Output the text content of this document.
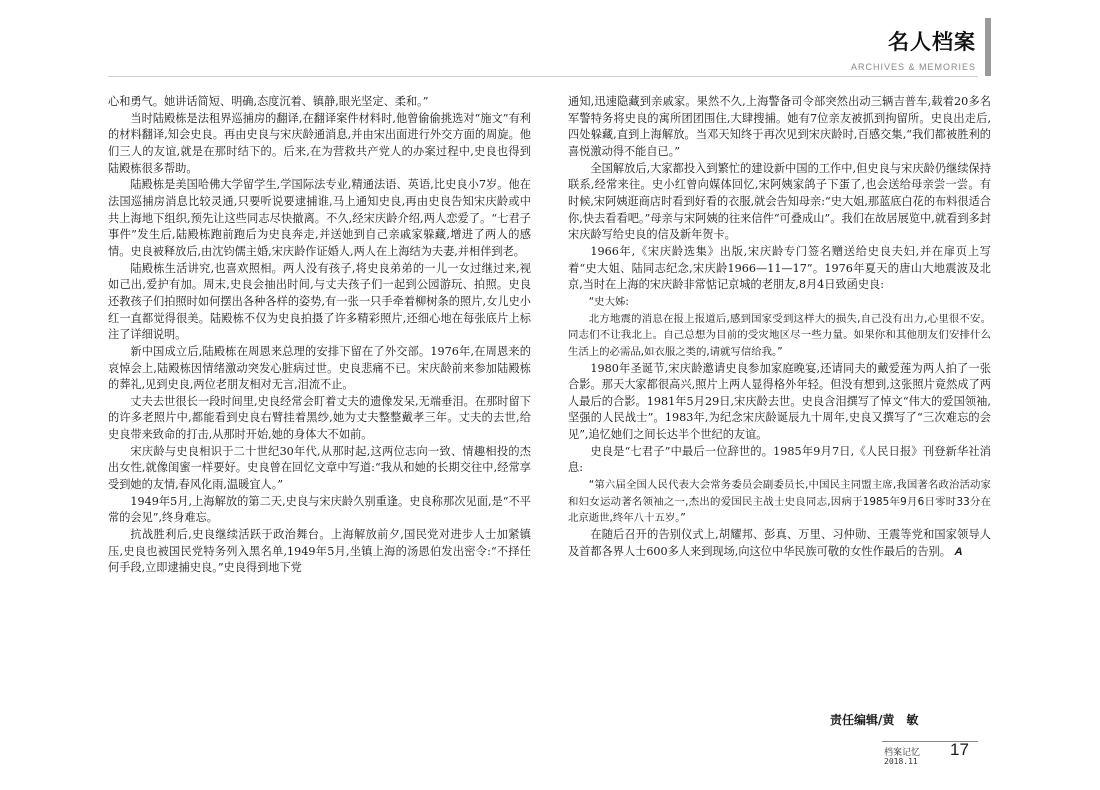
名人档案
ARCHIVES & MEMORIES

心和勇气。她讲话简短、明确,态度沉着、镇静,眼光坚定、柔和。”

当时陆殿栋是法租界巡捕房的翻译,在翻译案件材料时,他曾偷偷挑选对“施文”有利的材料翻译,知会史良。再由史良与宋庆龄通消息,并由宋出面进行外交方面的周旋。他们三人的友谊,就是在那时结下的。后来,在为营救共产党人的办案过程中,史良也得到陆殿栋很多帮助。

陆殿栋是美国哈佛大学留学生,学国际法专业,精通法语、英语,比史良小7岁。他在法国巡捕房消息比较灵通,只要听说要逮捕谁,马上通知史良,再由史良告知宋庆龄或中共上海地下组织,预先让这些同志尽快撤离。不久,经宋庆龄介绍,两人恋爱了。“七君子事件”发生后,陆殿栋跑前跑后为史良奔走,并送她到自己亲戚家躲藏,增进了两人的感情。史良被释放后,由沈钧儒主婚,宋庆龄作证婚人,两人在上海结为夫妻,并相伴到老。

陆殿栋生活讲究,也喜欢照相。两人没有孩子,将史良弟弟的一儿一女过继过来,视如己出,爱护有加。周末,史良会抽出时间,与丈夫孩子们一起到公园游玩、拍照。史良还教孩子们拍照时如何摆出各种各样的姿势,有一张一只手牵着柳树条的照片,女儿史小红一直都觉得很美。陆殿栋不仅为史良拍摄了许多精彩照片,还细心地在每张底片上标注了详细说明。

新中国成立后,陆殿栋在周恩来总理的安排下留在了外交部。1976年,在周恩来的哀悼会上,陆殿栋因情绪激动突发心脏病过世。史良悲痛不已。宋庆龄前来参加陆殿栋的葬礼,见到史良,两位老朋友相对无言,泪流不止。

丈夫去世很长一段时间里,史良经常会盯着丈夫的遗像发呆,无端垂泪。在那时留下的许多老照片中,都能看到史良右臂挂着黑纱,她为丈夫整整戴孝三年。丈夫的去世,给史良带来致命的打击,从那时开始,她的身体大不如前。

宋庆龄与史良相识于二十世纪30年代,从那时起,这两位志向一致、情趣相投的杰出女性,就像闺蜜一样要好。史良曾在回忆文章中写道:“我从和她的长期交往中,经常享受到她的友情,春风化雨,温暖宜人。”

1949年5月,上海解放的第二天,史良与宋庆龄久别重逢。史良称那次见面,是“不平常的会见”,终身难忘。

抗战胜利后,史良继续活跃于政治舞台。上海解放前夕,国民党对进步人士加紧镇压,史良也被国民党特务列入黑名单,1949年5月,坐镇上海的汤恩伯发出密令:“不择任何手段,立即逮捕史良。”史良得到地下党

通知,迅速隐藏到亲戚家。果然不久,上海警备司令部突然出动三辆吉普车,载着20多名军警特务将史良的寓所团团围住,大肆搜捕。她有7位亲友被抓到拘留所。史良出走后,四处躲藏,直到上海解放。当邓天知终于再次见到宋庆龄时,百感交集,“我们都被胜利的喜悦激动得不能自已。”

全国解放后,大家都投入到繁忙的建设新中国的工作中,但史良与宋庆龄仍继续保持联系,经常来往。史小红曾向媒体回忆,宋阿姨家鸽子下蛋了,也会送给母亲尝一尝。有时候,宋阿姨逛商店时看到好看的衣服,就会告知母亲:“史大姐,那蓝底白花的布料很适合你,快去看看吧。”母亲与宋阿姨的往来信件“可叠成山”。我们在故居展览中,就看到多封宋庆龄写给史良的信及新年贺卡。

1966年,《宋庆龄选集》出版,宋庆龄专门签名赠送给史良夫妇,并在扉页上写着“史大姐、陆同志纪念,宋庆龄1966—11—17”。1976年夏天的唐山大地震波及北京,当时在上海的宋庆龄非常惦记京城的老朋友,8月4日致函史良:

“史大姊:

北方地震的消息在报上报道后,感到国家受到这样大的损失,自己没有出力,心里很不安。同志们不让我北上。自己总想为目前的受灾地区尽一些力量。如果你和其他朋友们安排什么生活上的必需品,如衣服之类的,请就写信给我。”

1980年圣诞节,宋庆龄邀请史良参加家庭晚宴,还请同夫的戴爱莲为两人拍了一张合影。那天大家都很高兴,照片上两人显得格外年轻。但没有想到,这张照片竟然成了两人最后的合影。1981年5月29日,宋庆龄去世。史良含泪撰写了悼文“伟大的爱国领袖,坚强的人民战士”。1983年,为纪念宋庆龄诞辰九十周年,史良又撰写了“三次难忘的会见”,追忆她们之间长达半个世纪的友谊。

史良是“七君子”中最后一位辞世的。1985年9月7日,《人民日报》刊登新华社消息:

“第六届全国人民代表大会常务委员会副委员长,中国民主同盟主席,我国著名政治活动家和妇女运动著名领袖之一,杰出的爱国民主战士史良同志,因病于1985年9月6日零时33分在北京逝世,终年八十五岁。”

在随后召开的告别仪式上,胡耀邦、彭真、万里、习仲勋、王震等党和国家领导人及首都各界人士600多人来到现场,向这位中华民族可敬的女性作最后的告别。 A

责任编辑/黄　敏
档案记忆 17
2018.11
